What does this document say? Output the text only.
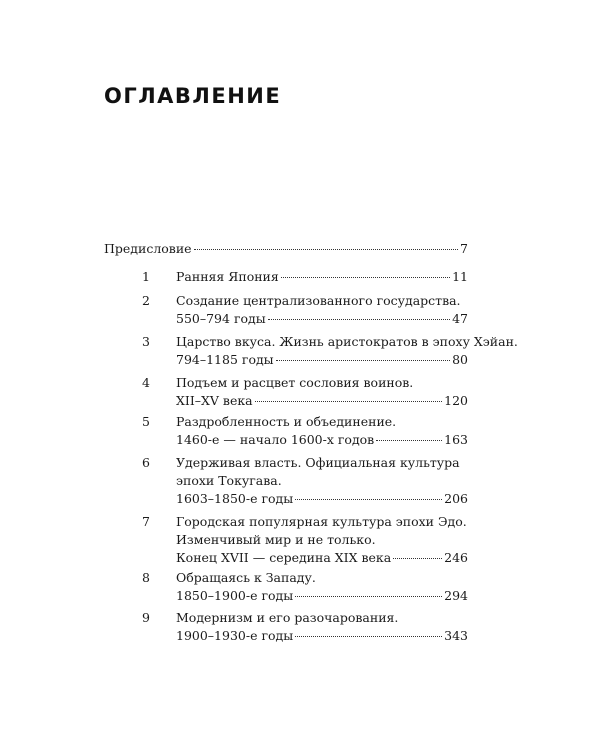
ОГЛАВЛЕНИЕ
Предисловие	7
1	Ранняя Япония	11
2	Создание централизованного государства.
550–794 годы	47
3	Царство вкуса. Жизнь аристократов в эпоху Хэйан.
794–1185 годы	80
4	Подъем и расцвет сословия воинов.
XII–XV века	120
5	Раздробленность и объединение.
1460-е — начало 1600-х годов	163
6	Удерживая власть. Официальная культура
эпохи Токугава.
1603–1850-е годы	206
7	Городская популярная культура эпохи Эдо.
Изменчивый мир и не только.
Конец XVII — середина XIX века	246
8	Обращаясь к Западу.
1850–1900-е годы	294
9	Модернизм и его разочарования.
1900–1930-е годы	343
